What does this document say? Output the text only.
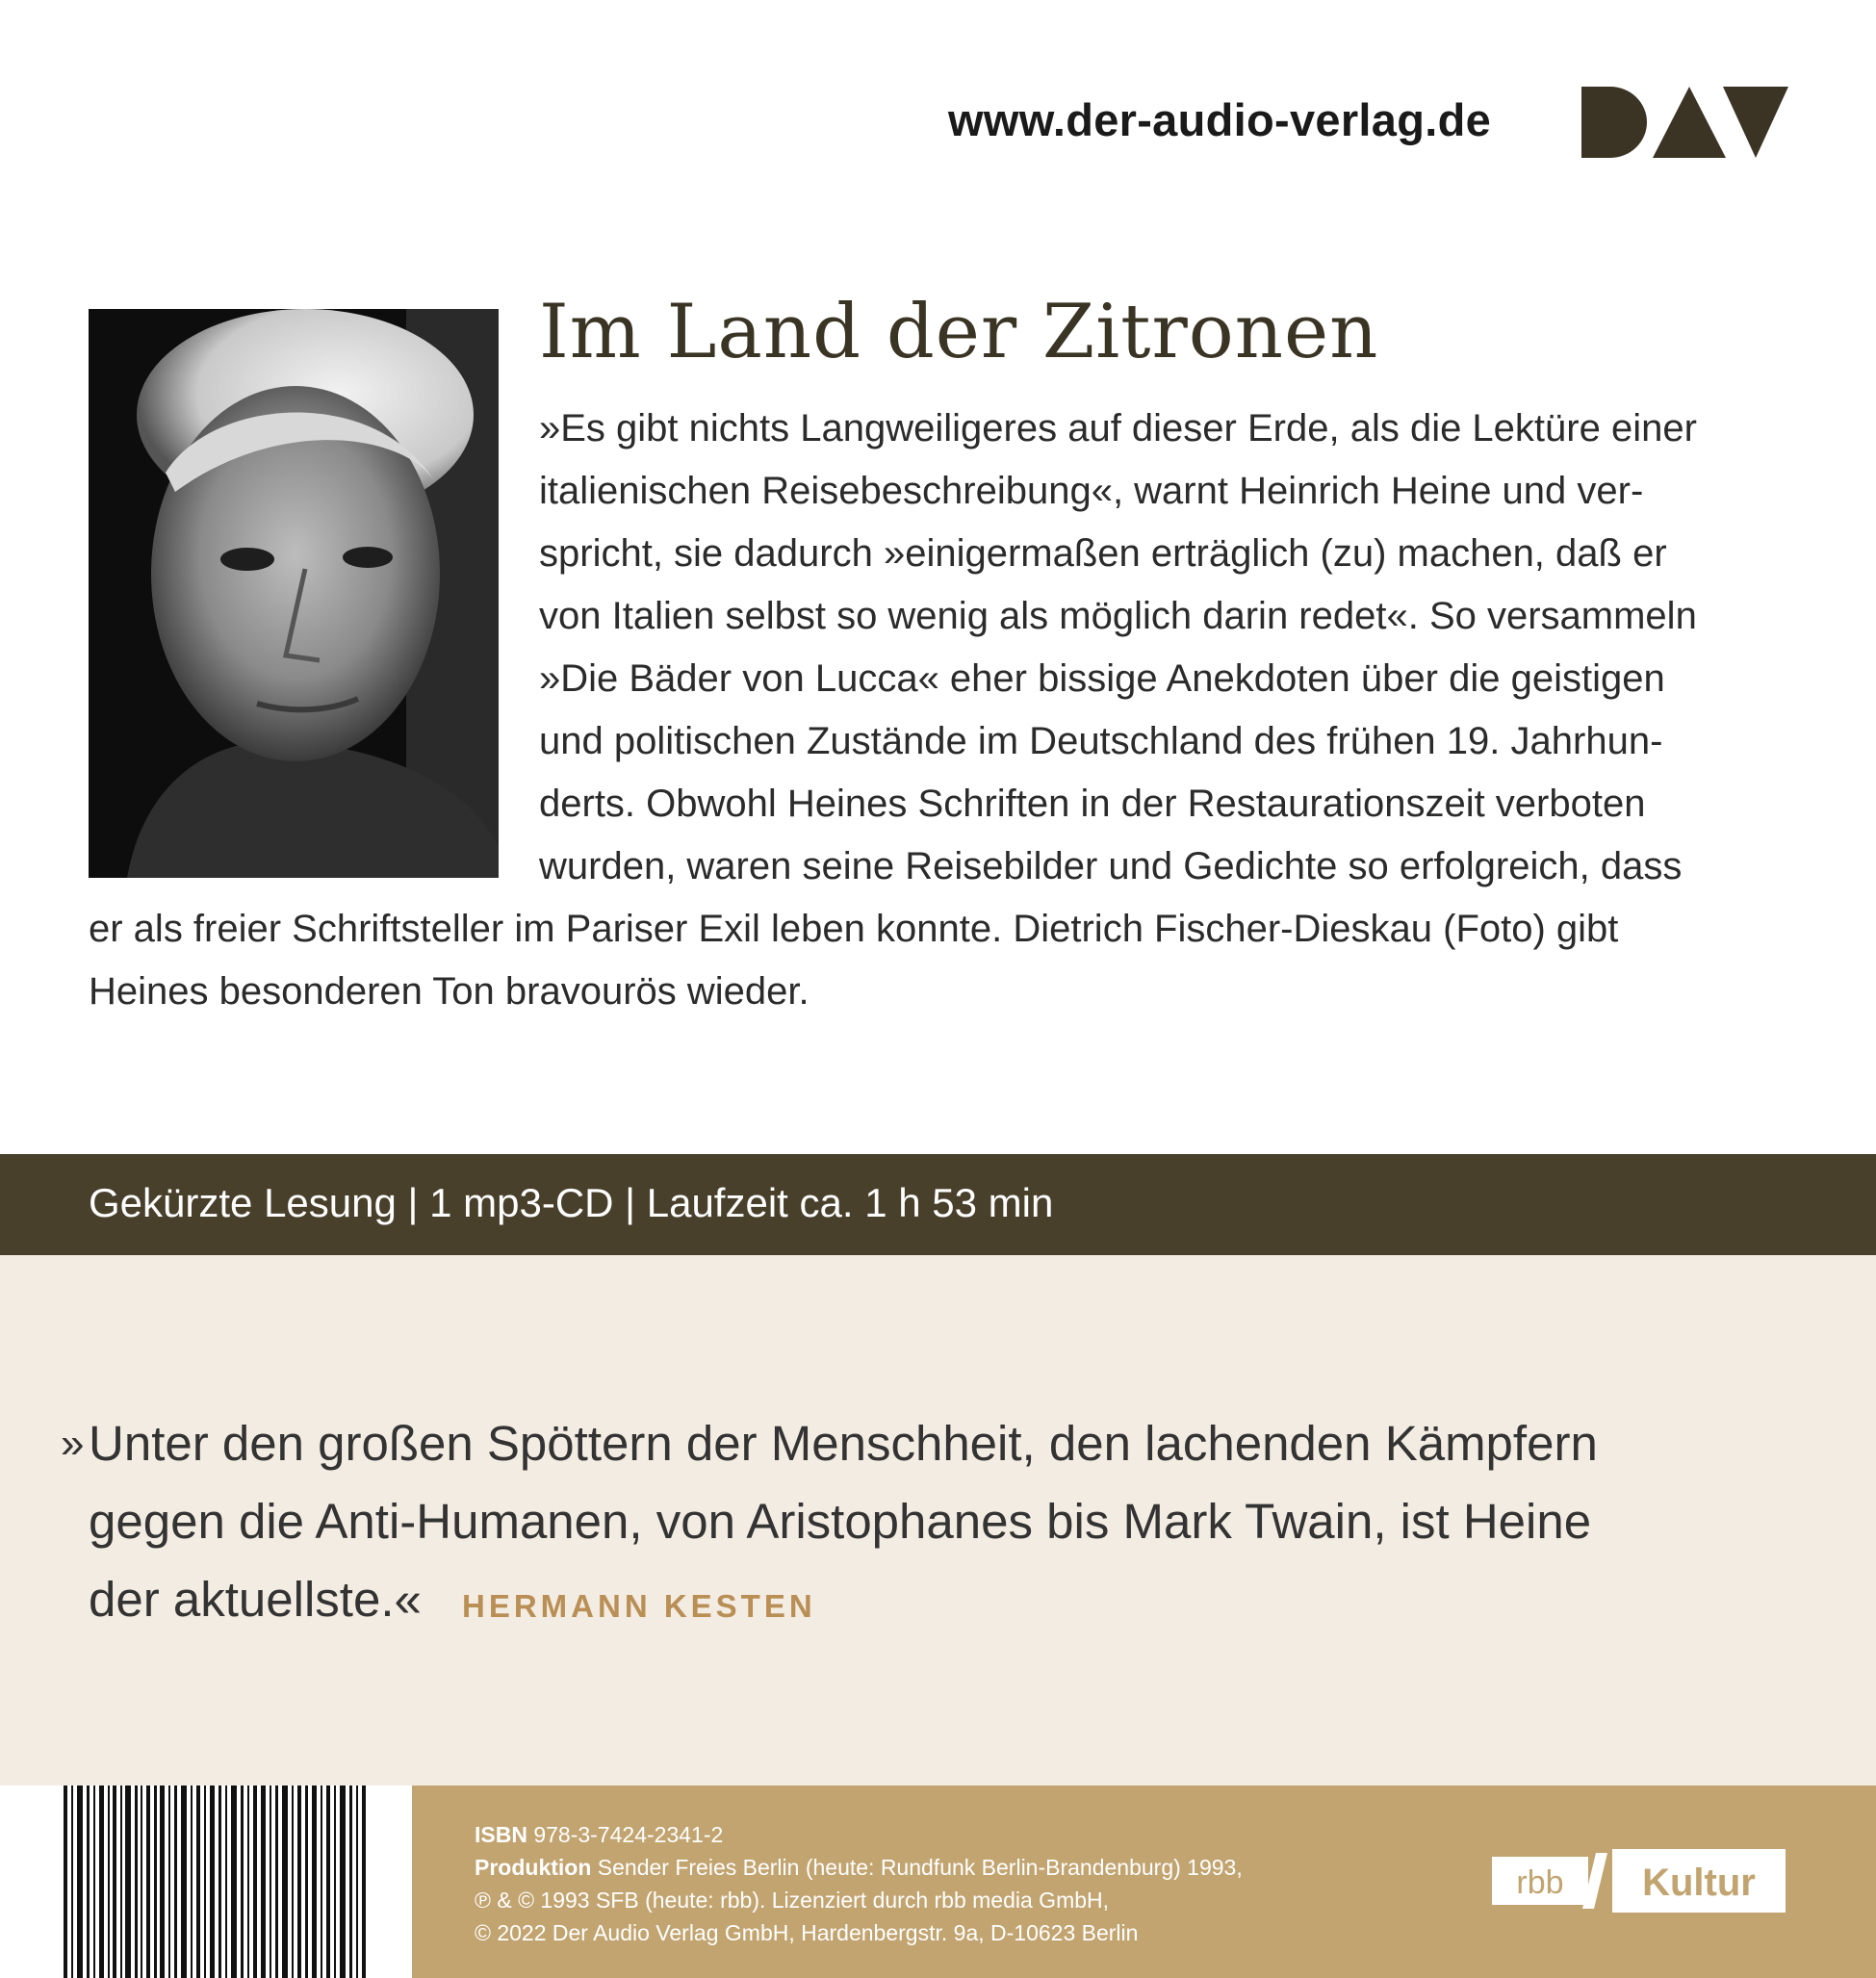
www.der-audio-verlag.de
Im Land der Zitronen
»Es gibt nichts Langweiligeres auf dieser Erde, als die Lektüre einer
italienischen Reisebeschreibung«, warnt Heinrich Heine und ver-
spricht, sie dadurch »einigermaßen erträglich (zu) machen, daß er
von Italien selbst so wenig als möglich darin redet«. So versammeln
»Die Bäder von Lucca« eher bissige Anekdoten über die geistigen
und politischen Zustände im Deutschland des frühen 19. Jahrhun-
derts. Obwohl Heines Schriften in der Restaurationszeit verboten
wurden, waren seine Reisebilder und Gedichte so erfolgreich, dass
er als freier Schriftsteller im Pariser Exil leben konnte. Dietrich Fischer-Dieskau (Foto) gibt
Heines besonderen Ton bravourös wieder.
Gekürzte Lesung | 1 mp3-CD | Laufzeit ca. 1 h 53 min
» Unter den großen Spöttern der Menschheit, den lachenden Kämpfern
gegen die Anti-Humanen, von Aristophanes bis Mark Twain, ist Heine
der aktuellste.« HERMANN KESTEN
ISBN 978-3-7424-2341-2
Produktion Sender Freies Berlin (heute: Rundfunk Berlin-Brandenburg) 1993,
℗ & © 1993 SFB (heute: rbb). Lizenziert durch rbb media GmbH,
© 2022 Der Audio Verlag GmbH, Hardenbergstr. 9a, D-10623 Berlin
rbb Kultur
